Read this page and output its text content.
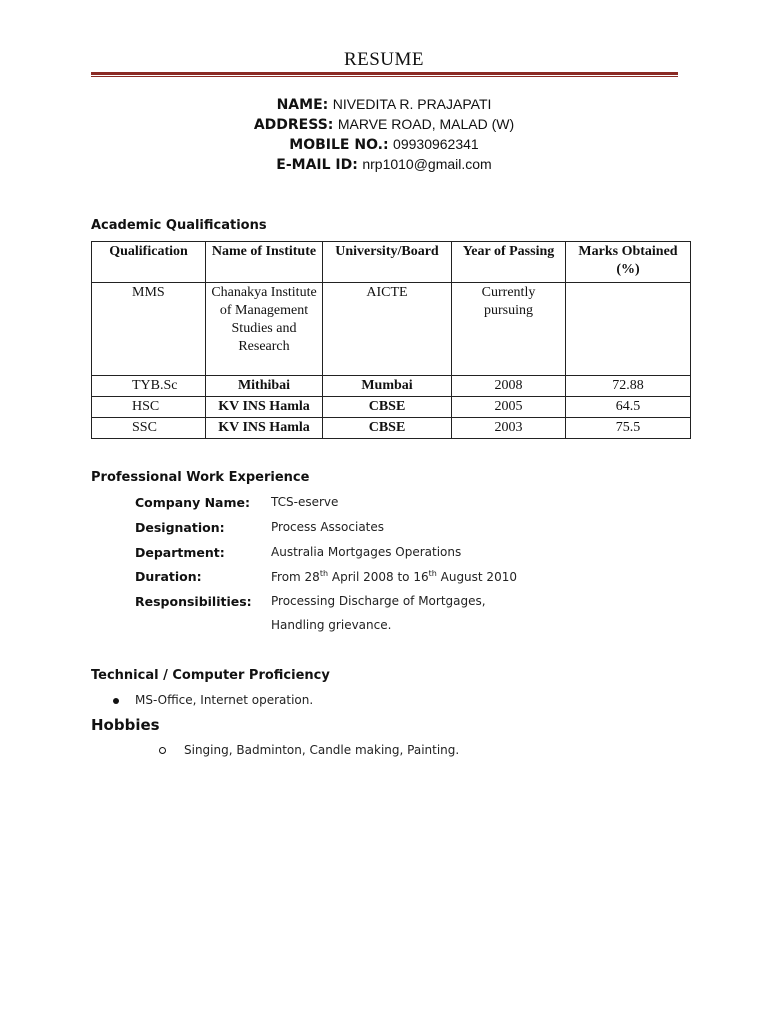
RESUME
NAME: NIVEDITA R. PRAJAPATI
ADDRESS: MARVE ROAD, MALAD (W)
MOBILE NO.: 09930962341
E-MAIL ID: nrp1010@gmail.com
Academic Qualifications
Qualification	Name of Institute	University/Board	Year of Passing	Marks Obtained (%)
MMS	Chanakya Institute of Management Studies and Research	AICTE	Currently pursuing	
TYB.Sc	Mithibai	Mumbai	2008	72.88
HSC	KV INS Hamla	CBSE	2005	64.5
SSC	KV INS Hamla	CBSE	2003	75.5
Professional Work Experience
Company Name: TCS-eserve
Designation:	Process Associates
Department:	Australia Mortgages Operations
Duration:	From 28th April 2008 to 16th August 2010
Responsibilities: Processing Discharge of Mortgages,
Handling grievance.
Technical / Computer Proficiency
MS-Office, Internet operation.
Hobbies
Singing, Badminton, Candle making, Painting.
